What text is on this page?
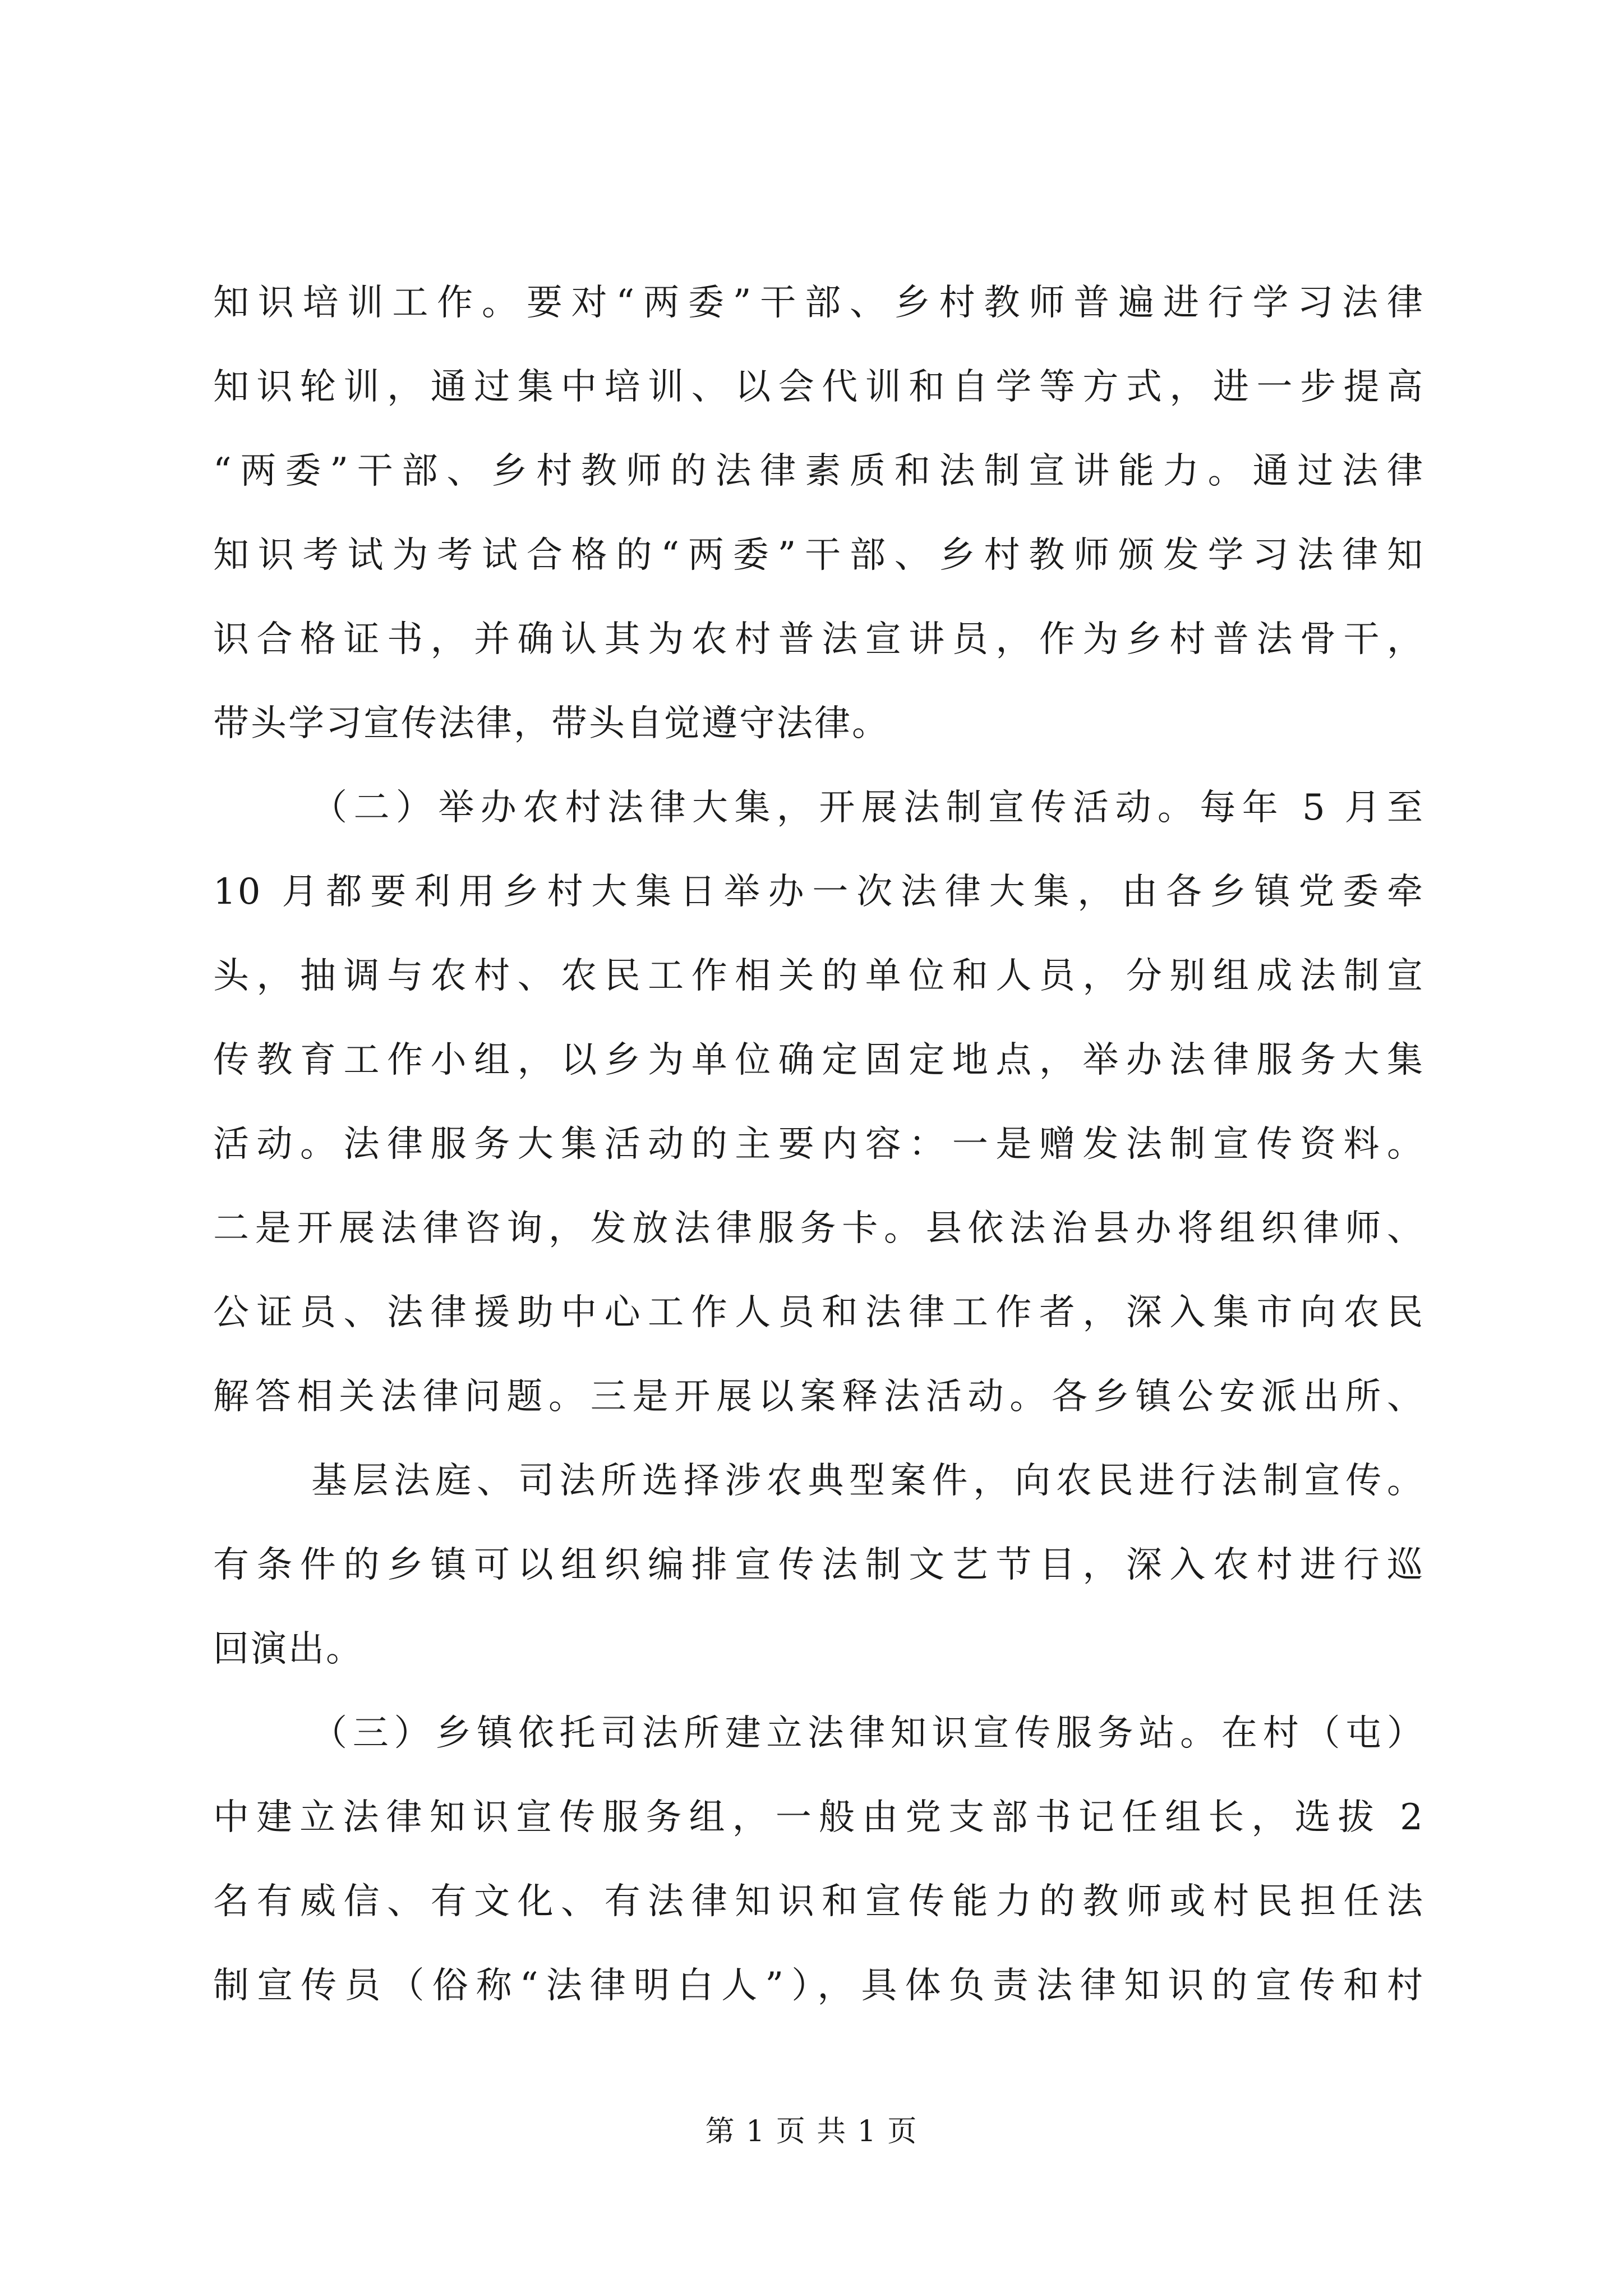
知识培训工作。要对“两委”干部、乡村教师普遍进行学习法律
知识轮训，通过集中培训、以会代训和自学等方式，进一步提高
“两委”干部、乡村教师的法律素质和法制宣讲能力。通过法律
知识考试为考试合格的“两委”干部、乡村教师颁发学习法律知
识合格证书，并确认其为农村普法宣讲员，作为乡村普法骨干，
带头学习宣传法律，带头自觉遵守法律。
（二）举办农村法律大集，开展法制宣传活动。每年 5 月至
10 月都要利用乡村大集日举办一次法律大集，由各乡镇党委牵
头，抽调与农村、农民工作相关的单位和人员，分别组成法制宣
传教育工作小组，以乡为单位确定固定地点，举办法律服务大集
活动。法律服务大集活动的主要内容：一是赠发法制宣传资料。
二是开展法律咨询，发放法律服务卡。县依法治县办将组织律师、
公证员、法律援助中心工作人员和法律工作者，深入集市向农民
解答相关法律问题。三是开展以案释法活动。各乡镇公安派出所、
基层法庭、司法所选择涉农典型案件，向农民进行法制宣传。
有条件的乡镇可以组织编排宣传法制文艺节目，深入农村进行巡
回演出。
（三）乡镇依托司法所建立法律知识宣传服务站。在村（屯）
中建立法律知识宣传服务组，一般由党支部书记任组长，选拔 2
名有威信、有文化、有法律知识和宣传能力的教师或村民担任法
制宣传员（俗称“法律明白人”），具体负责法律知识的宣传和村
第 1 页 共 1 页
